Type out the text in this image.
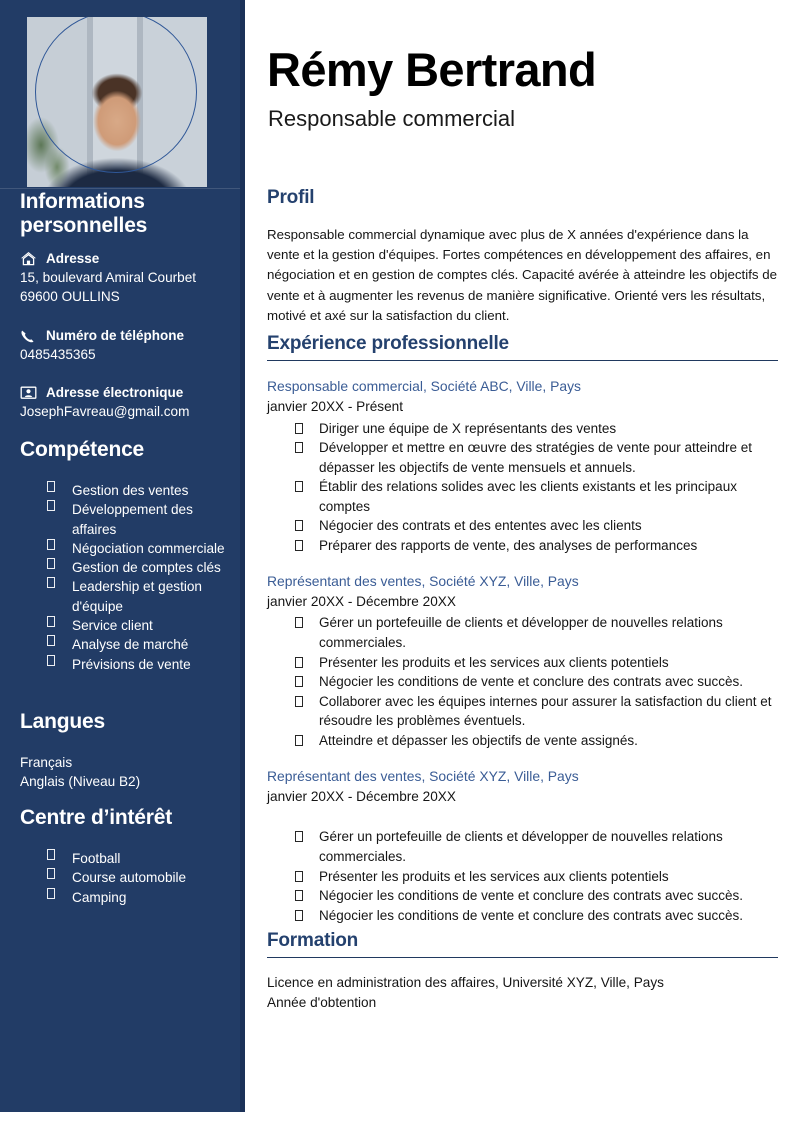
Informations personnelles
Adresse
15, boulevard Amiral Courbet
69600 OULLINS
Numéro de téléphone
0485435365
Adresse électronique
JosephFavreau@gmail.com
Compétence
Gestion des ventes
Développement des affaires
Négociation commerciale
Gestion de comptes clés
Leadership et gestion d'équipe
Service client
Analyse de marché
Prévisions de vente
Langues
Français
Anglais (Niveau B2)
Centre d’intérêt
Football
Course automobile
Camping
Rémy Bertrand
Responsable commercial
Profil
Responsable commercial dynamique avec plus de X années d'expérience dans la vente et la gestion d'équipes. Fortes compétences en développement des affaires, en négociation et en gestion de comptes clés. Capacité avérée à atteindre les objectifs de vente et à augmenter les revenus de manière significative. Orienté vers les résultats, motivé et axé sur la satisfaction du client.
Expérience professionnelle
Responsable commercial, Société ABC, Ville, Pays
janvier 20XX - Présent
Diriger une équipe de X représentants des ventes
Développer et mettre en œuvre des stratégies de vente pour atteindre et dépasser les objectifs de vente mensuels et annuels.
Établir des relations solides avec les clients existants et les principaux comptes
Négocier des contrats et des ententes avec les clients
Préparer des rapports de vente, des analyses de performances
Représentant des ventes, Société XYZ, Ville, Pays
janvier 20XX - Décembre 20XX
Gérer un portefeuille de clients et développer de nouvelles relations commerciales.
Présenter les produits et les services aux clients potentiels
Négocier les conditions de vente et conclure des contrats avec succès.
Collaborer avec les équipes internes pour assurer la satisfaction du client et résoudre les problèmes éventuels.
Atteindre et dépasser les objectifs de vente assignés.
Représentant des ventes, Société XYZ, Ville, Pays
janvier 20XX - Décembre 20XX
Gérer un portefeuille de clients et développer de nouvelles relations commerciales.
Présenter les produits et les services aux clients potentiels
Négocier les conditions de vente et conclure des contrats avec succès.
Négocier les conditions de vente et conclure des contrats avec succès.
Formation
Licence en administration des affaires, Université XYZ, Ville, Pays
Année d'obtention
